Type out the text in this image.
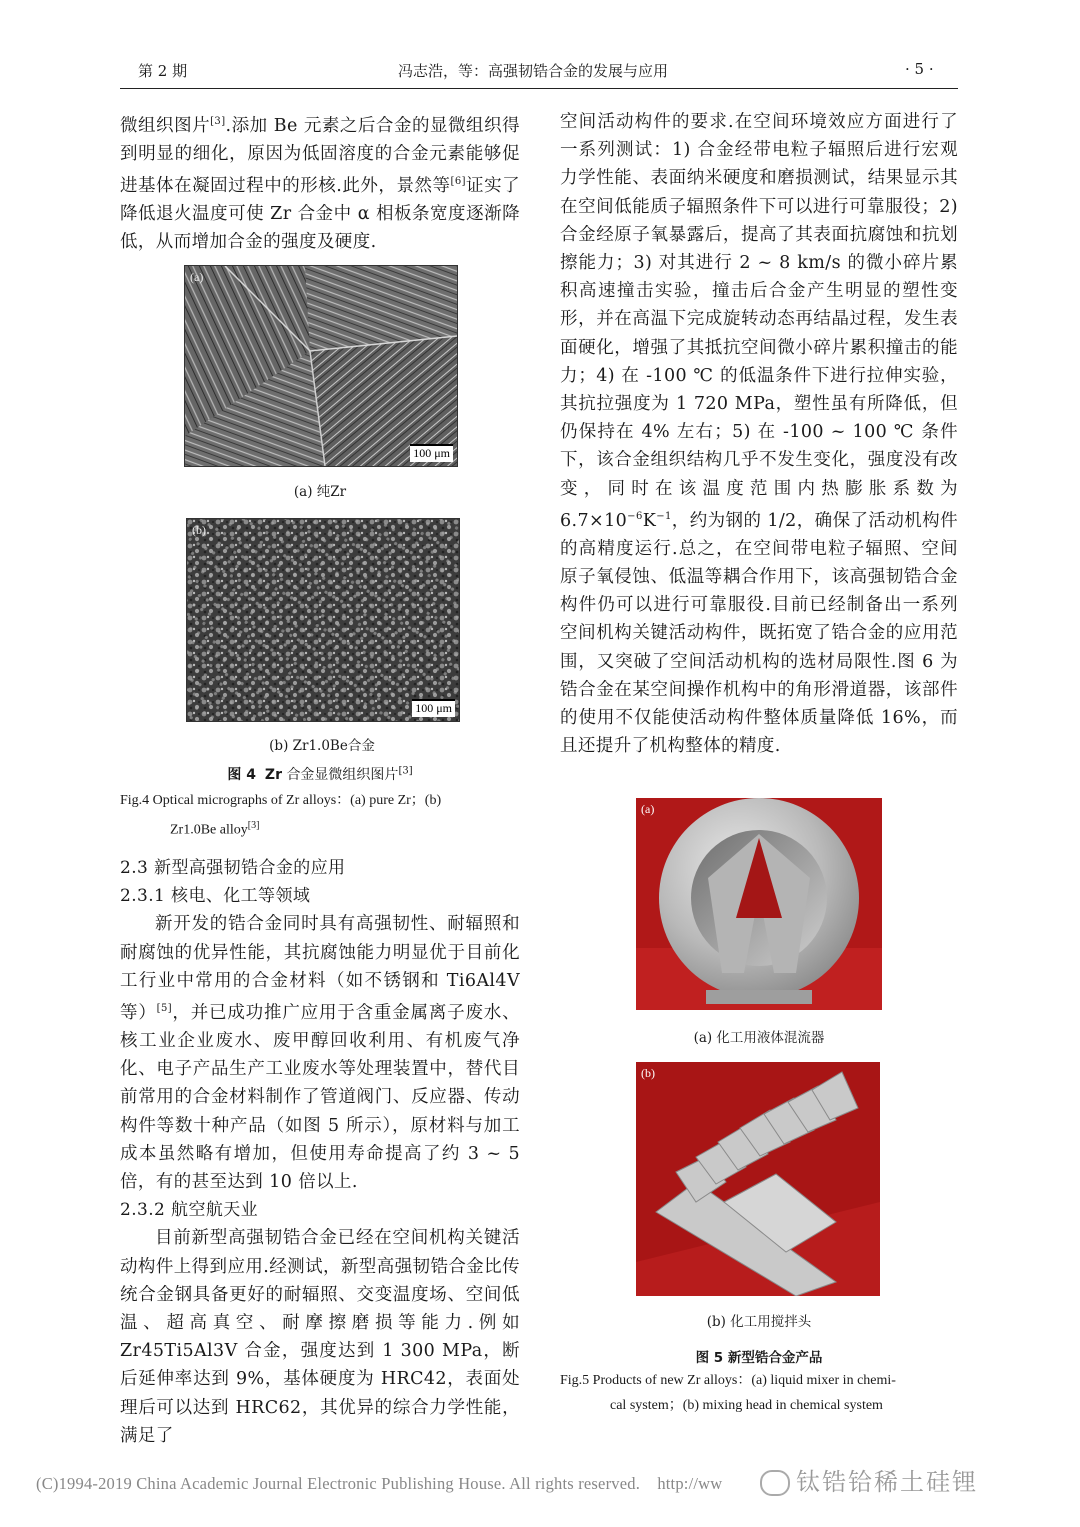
第 2 期	冯志浩，等：高强韧锆合金的发展与应用	· 5 ·

微组织图片[3].添加 Be 元素之后合金的显微组织得到明显的细化，原因为低固溶度的合金元素能够促进基体在凝固过程中的形核.此外，景然等[6]证实了降低退火温度可使 Zr 合金中 α 相板条宽度逐渐降低，从而增加合金的强度及硬度.

(a)
100 μm
(a) 纯Zr
(b)
100 μm
(b) Zr1.0Be合金
图 4 Zr 合金显微组织图片[3]
Fig.4 Optical micrographs of Zr alloys：(a) pure Zr；(b)
Zr1.0Be alloy[3]

2.3 新型高强韧锆合金的应用

2.3.1 核电、化工等领域

新开发的锆合金同时具有高强韧性、耐辐照和耐腐蚀的优异性能，其抗腐蚀能力明显优于目前化工行业中常用的合金材料（如不锈钢和 Ti6Al4V 等）[5]，并已成功推广应用于含重金属离子废水、核工业企业废水、废甲醇回收利用、有机废气净化、电子产品生产工业废水等处理装置中，替代目前常用的合金材料制作了管道阀门、反应器、传动构件等数十种产品（如图 5 所示），原材料与加工成本虽然略有增加，但使用寿命提高了约 3 ~ 5 倍，有的甚至达到 10 倍以上.

2.3.2 航空航天业

目前新型高强韧锆合金已经在空间机构关键活动构件上得到应用.经测试，新型高强韧锆合金比传统合金钢具备更好的耐辐照、交变温度场、空间低温、超高真空、耐摩擦磨损等能力.例如 Zr45Ti5Al3V 合金，强度达到 1 300 MPa，断后延伸率达到 9%，基体硬度为 HRC42，表面处理后可以达到 HRC62，其优异的综合力学性能，满足了

空间活动构件的要求.在空间环境效应方面进行了一系列测试：1) 合金经带电粒子辐照后进行宏观力学性能、表面纳米硬度和磨损测试，结果显示其在空间低能质子辐照条件下可以进行可靠服役；2) 合金经原子氧暴露后，提高了其表面抗腐蚀和抗划擦能力；3) 对其进行 2 ~ 8 km/s 的微小碎片累积高速撞击实验，撞击后合金产生明显的塑性变形，并在高温下完成旋转动态再结晶过程，发生表面硬化，增强了其抵抗空间微小碎片累积撞击的能力；4) 在 -100 ℃ 的低温条件下进行拉伸实验，其抗拉强度为 1 720 MPa，塑性虽有所降低，但仍保持在 4% 左右；5) 在 -100 ~ 100 ℃ 条件下，该合金组织结构几乎不发生变化，强度没有改变，同时在该温度范围内热膨胀系数为 $6.7\times 10^{-6}K^{-1}$，约为钢的 1/2，确保了活动机构件的高精度运行.总之，在空间带电粒子辐照、空间原子氧侵蚀、低温等耦合作用下，该高强韧锆合金构件仍可以进行可靠服役.目前已经制备出一系列空间机构关键活动构件，既拓宽了锆合金的应用范围，又突破了空间活动机构的选材局限性.图 6 为锆合金在某空间操作机构中的角形滑道器，该部件的使用不仅能使活动构件整体质量降低 16%，而且还提升了机构整体的精度.

(a)
(a) 化工用液体混流器
(b)
(b) 化工用搅拌头
图 5 新型锆合金产品
Fig.5 Products of new Zr alloys：(a) liquid mixer in chemi-
cal system；(b) mixing head in chemical system
(C)1994-2019 China Academic Journal Electronic Publishing House. All rights reserved. http://ww	钛锆铪稀土硅锂
